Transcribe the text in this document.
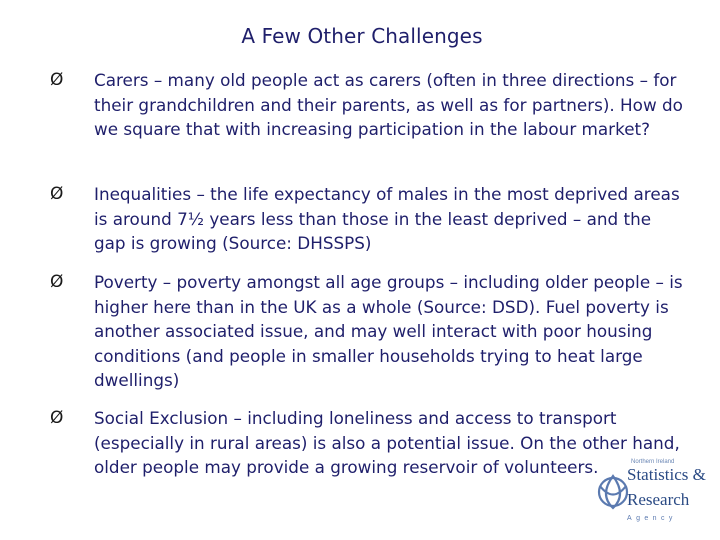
A Few Other Challenges
Ø	Carers – many old people act as carers (often in three directions – for their grandchildren and their parents, as well as for partners). How do we square that with increasing participation in the labour market?
Ø	Inequalities – the life expectancy of males in the most deprived areas is around 7½ years less than those in the least deprived – and the gap is growing (Source: DHSSPS)
Ø	Poverty – poverty amongst all age groups – including older people – is higher here than in the UK as a whole (Source: DSD). Fuel poverty is another associated issue, and may well interact with poor housing conditions (and people in smaller households trying to heat large dwellings)
Ø	Social Exclusion – including loneliness and access to transport (especially in rural areas) is also a potential issue. On the other hand, older people may provide a growing reservoir of volunteers.	Northern Ireland
Statistics &
Research
Agency
